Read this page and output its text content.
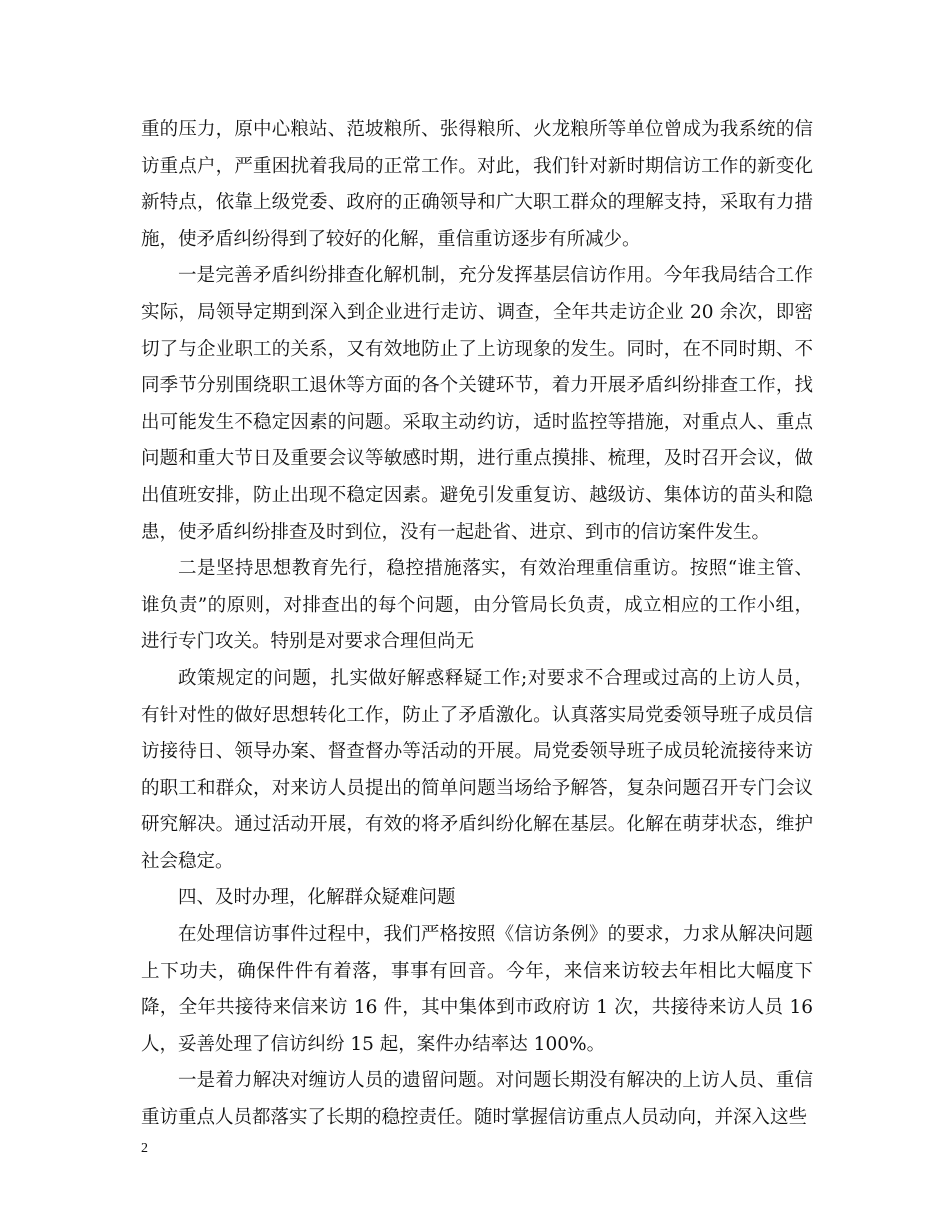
重的压力，原中心粮站、范坡粮所、张得粮所、火龙粮所等单位曾成为我系统的信访重点户，严重困扰着我局的正常工作。对此，我们针对新时期信访工作的新变化新特点，依靠上级党委、政府的正确领导和广大职工群众的理解支持，采取有力措施，使矛盾纠纷得到了较好的化解，重信重访逐步有所减少。

一是完善矛盾纠纷排查化解机制，充分发挥基层信访作用。今年我局结合工作实际，局领导定期到深入到企业进行走访、调查，全年共走访企业 20 余次，即密切了与企业职工的关系，又有效地防止了上访现象的发生。同时，在不同时期、不同季节分别围绕职工退休等方面的各个关键环节，着力开展矛盾纠纷排查工作，找出可能发生不稳定因素的问题。采取主动约访，适时监控等措施，对重点人、重点问题和重大节日及重要会议等敏感时期，进行重点摸排、梳理，及时召开会议，做出值班安排，防止出现不稳定因素。避免引发重复访、越级访、集体访的苗头和隐患，使矛盾纠纷排查及时到位，没有一起赴省、进京、到市的信访案件发生。

二是坚持思想教育先行，稳控措施落实，有效治理重信重访。按照“谁主管、谁负责”的原则，对排查出的每个问题，由分管局长负责，成立相应的工作小组，进行专门攻关。特别是对要求合理但尚无

政策规定的问题，扎实做好解惑释疑工作;对要求不合理或过高的上访人员，有针对性的做好思想转化工作，防止了矛盾激化。认真落实局党委领导班子成员信访接待日、领导办案、督查督办等活动的开展。局党委领导班子成员轮流接待来访的职工和群众，对来访人员提出的简单问题当场给予解答，复杂问题召开专门会议研究解决。通过活动开展，有效的将矛盾纠纷化解在基层。化解在萌芽状态，维护社会稳定。

四、及时办理，化解群众疑难问题

在处理信访事件过程中，我们严格按照《信访条例》的要求，力求从解决问题上下功夫，确保件件有着落，事事有回音。今年，来信来访较去年相比大幅度下降，全年共接待来信来访 16 件，其中集体到市政府访 1 次，共接待来访人员 16 人，妥善处理了信访纠纷 15 起，案件办结率达 100%。

一是着力解决对缠访人员的遗留问题。对问题长期没有解决的上访人员、重信重访重点人员都落实了长期的稳控责任。随时掌握信访重点人员动向，并深入这些

2
